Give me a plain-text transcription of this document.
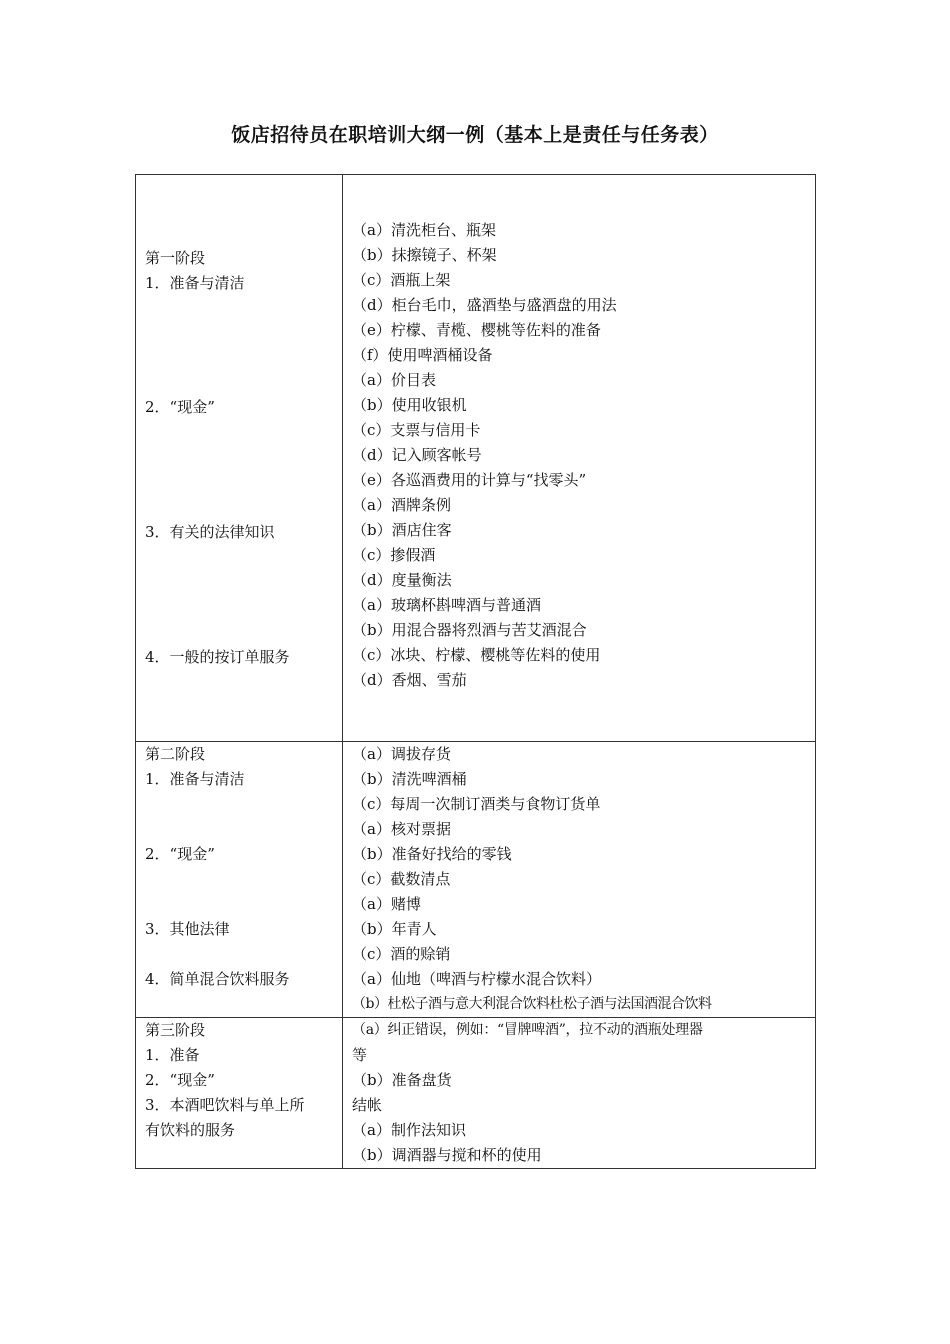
饭店招待员在职培训大纲一例（基本上是责任与任务表）
第一阶段
1．准备与清洁
2．“现金”
3．有关的法律知识
4．一般的按订单服务
（a）清洗柜台、瓶架
（b）抹擦镜子、杯架
（c）酒瓶上架
（d）柜台毛巾，盛酒垫与盛酒盘的用法
（e）柠檬、青榄、樱桃等佐料的准备
（f）使用啤酒桶设备
（a）价目表
（b）使用收银机
（c）支票与信用卡
（d）记入顾客帐号
（e）各巡酒费用的计算与“找零头”
（a）酒牌条例
（b）酒店住客
（c）掺假酒
（d）度量衡法
（a）玻璃杯斟啤酒与普通酒
（b）用混合器将烈酒与苦艾酒混合
（c）冰块、柠檬、樱桃等佐料的使用
（d）香烟、雪茄
第二阶段
1．准备与清洁
2．“现金”
3．其他法律
4．简单混合饮料服务
（a）调拔存货
（b）清洗啤酒桶
（c）每周一次制订酒类与食物订货单
（a）核对票据
（b）准备好找给的零钱
（c）截数清点
（a）赌博
（b）年青人
（c）酒的赊销
（a）仙地（啤酒与柠檬水混合饮料）
（b）杜松子酒与意大利混合饮料杜松子酒与法国酒混合饮料
第三阶段
1．准备
2．“现金”
3．本酒吧饮料与单上所
有饮料的服务
（a）纠正错误，例如：“冒牌啤酒”，拉不动的酒瓶处理器
等
（b）准备盘货
结帐
（a）制作法知识
（b）调酒器与搅和杯的使用
